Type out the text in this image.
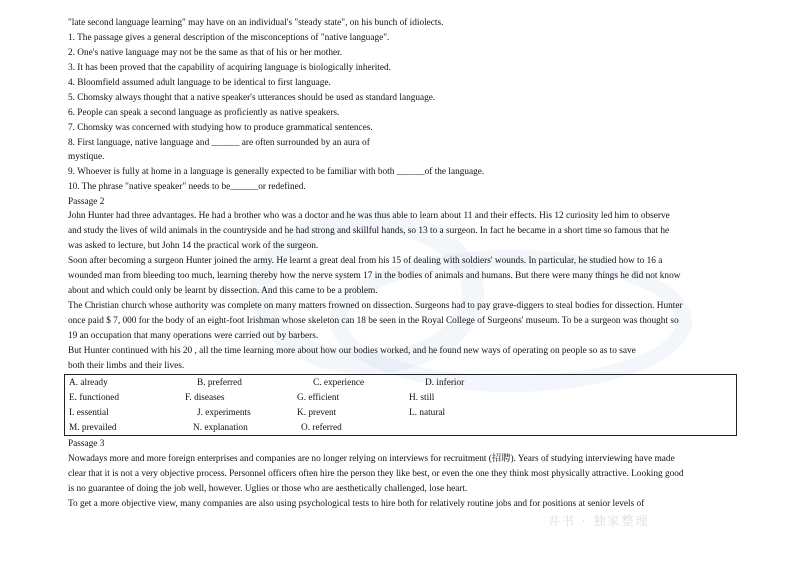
井书 · 独家整理
"late second language learning" may have on an individual's "steady state", on his bunch of idiolects.
1. The passage gives a general description of the misconceptions of "native language".
2. One's native language may not be the same as that of his or her mother.
3. It has been proved that the capability of acquiring language is biologically inherited.
4. Bloomfield assumed adult language to be identical to first language.
5. Chomsky always thought that a native speaker's utterances should be used as standard language.
6. People can speak a second language as proficiently as native speakers.
7. Chomsky was concerned with studying how to produce grammatical sentences.
8. First language, native language and ______ are often surrounded by an aura of
mystique.
9. Whoever is fully at home in a language is generally expected to be familiar with both ______of the language.
10. The phrase "native speaker" needs to be______or redefined.
Passage 2
John Hunter had three advantages. He had a brother who was a doctor and he was thus able to learn about 11 and their effects. His 12 curiosity led him to observe
and study the lives of wild animals in the countryside and he had strong and skillful hands, so 13 to a surgeon. In fact he became in a short time so famous that he
was asked to lecture, but John 14 the practical work of the surgeon.
Soon after becoming a surgeon Hunter joined the army. He learnt a great deal from his 15 of dealing with soldiers' wounds. In particular, he studied how to 16 a
wounded man from bleeding too much, learning thereby how the nerve system 17 in the bodies of animals and humans. But there were many things he did not know
about and which could only be learnt by dissection. And this came to be a problem.
The Christian church whose authority was complete on many matters frowned on dissection. Surgeons had to pay grave-diggers to steal bodies for dissection. Hunter
once paid $ 7, 000 for the body of an eight-foot Irishman whose skeleton can 18 be seen in the Royal College of Surgeons' museum. To be a surgeon was thought so
19 an occupation that many operations were carried out by barbers.
But Hunter continued with his 20 , all the time learning more about how our bodies worked, and he found new ways of operating on people so as to save
both their limbs and their lives.
A. already	B. preferred	C. experience	D. inferior
E. functioned	F. diseases	G. efficient	H. still
I. essential	J. experiments	K. prevent	L. natural
M. prevailed	N. explanation	O. referred
Passage 3
Nowadays more and more foreign enterprises and companies are no longer relying on interviews for recruitment (招聘). Years of studying interviewing have made
clear that it is not a very objective process. Personnel officers often hire the person they like best, or even the one they think most physically attractive. Looking good
is no guarantee of doing the job well, however. Uglies or those who are aesthetically challenged, lose heart.
To get a more objective view, many companies are also using psychological tests to hire both for relatively routine jobs and for positions at senior levels of
